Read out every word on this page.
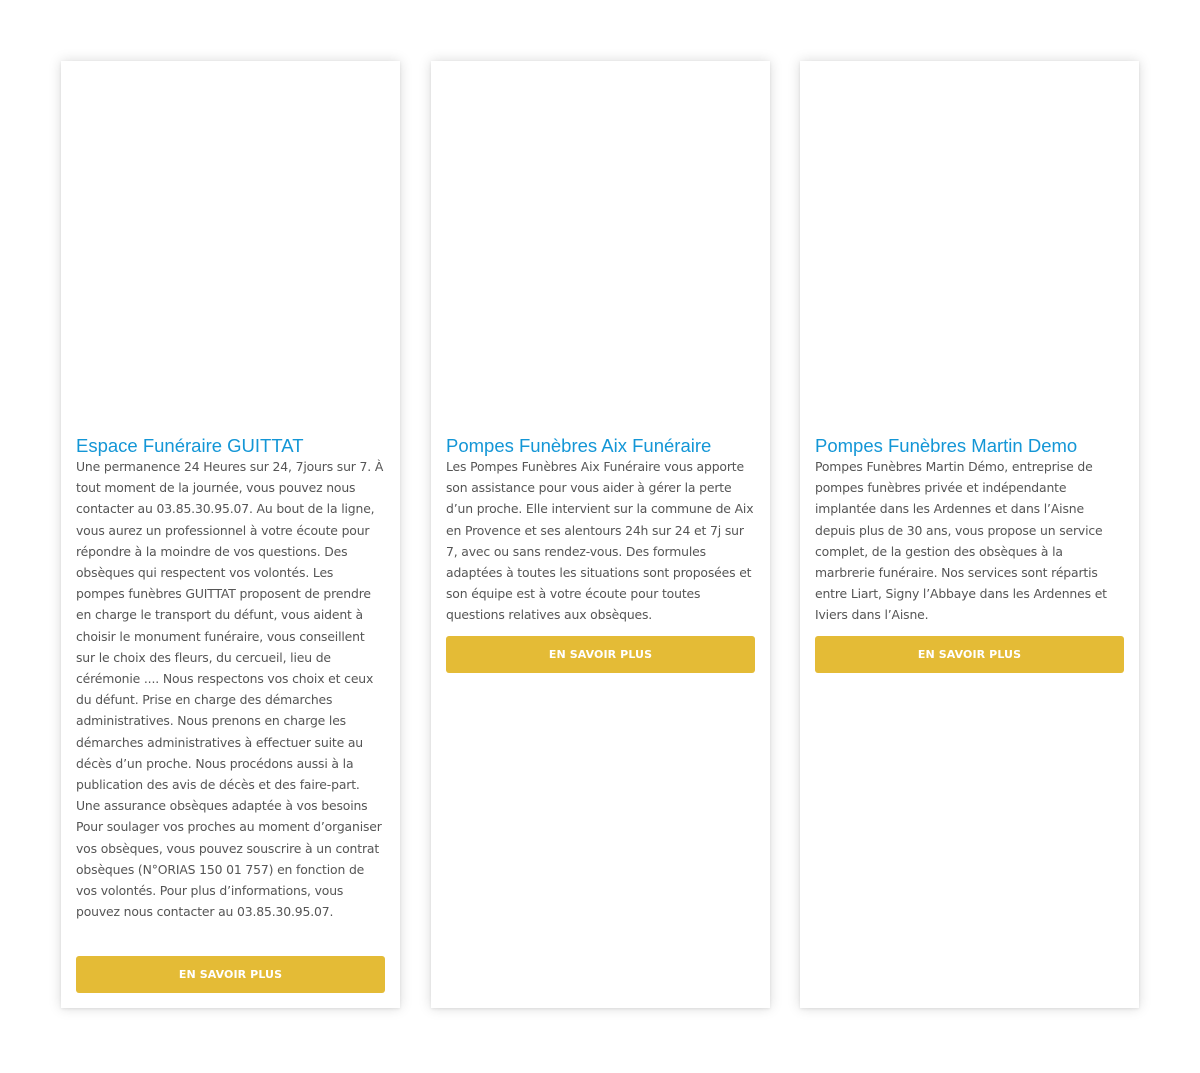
Espace Funéraire GUITTAT

Une permanence 24 Heures sur 24, 7jours sur 7. À tout moment de la journée, vous pouvez nous contacter au 03.85.30.95.07. Au bout de la ligne, vous aurez un professionnel à votre écoute pour répondre à la moindre de vos questions. Des obsèques qui respectent vos volontés. Les pompes funèbres GUITTAT proposent de prendre en charge le transport du défunt, vous aident à choisir le monument funéraire, vous conseillent sur le choix des fleurs, du cercueil, lieu de cérémonie .... Nous respectons vos choix et ceux du défunt. Prise en charge des démarches administratives. Nous prenons en charge les démarches administratives à effectuer suite au décès d’un proche. Nous procédons aussi à la publication des avis de décès et des faire-part. Une assurance obsèques adaptée à vos besoins Pour soulager vos proches au moment d’organiser vos obsèques, vous pouvez souscrire à un contrat obsèques (N°ORIAS 150 01 757) en fonction de vos volontés. Pour plus d’informations, vous pouvez nous contacter au 03.85.30.95.07.

EN SAVOIR PLUS
Pompes Funèbres Aix Funéraire

Les Pompes Funèbres Aix Funéraire vous apporte son assistance pour vous aider à gérer la perte d’un proche. Elle intervient sur la commune de Aix en Provence et ses alentours 24h sur 24 et 7j sur 7, avec ou sans rendez-vous. Des formules adaptées à toutes les situations sont proposées et son équipe est à votre écoute pour toutes questions relatives aux obsèques.

EN SAVOIR PLUS
Pompes Funèbres Martin Demo

Pompes Funèbres Martin Démo, entreprise de pompes funèbres privée et indépendante implantée dans les Ardennes et dans l’Aisne depuis plus de 30 ans, vous propose un service complet, de la gestion des obsèques à la marbrerie funéraire. Nos services sont répartis entre Liart, Signy l’Abbaye dans les Ardennes et Iviers dans l’Aisne.

EN SAVOIR PLUS
